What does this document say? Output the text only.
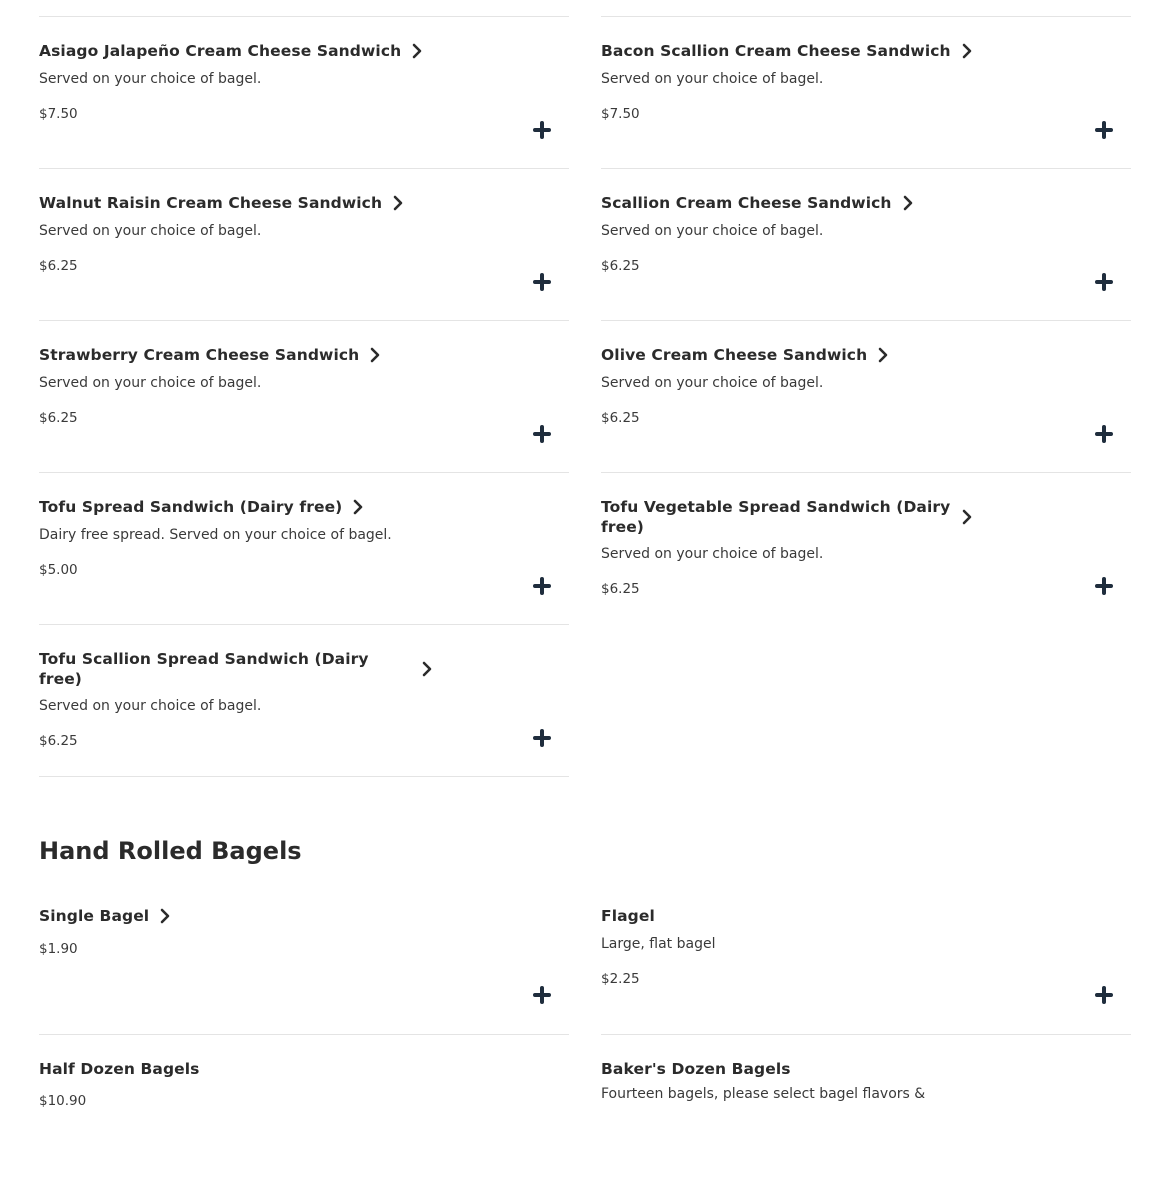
Asiago Jalapeño Cream Cheese Sandwich
Served on your choice of bagel.
$7.50
Bacon Scallion Cream Cheese Sandwich
Served on your choice of bagel.
$7.50
Walnut Raisin Cream Cheese Sandwich
Served on your choice of bagel.
$6.25
Scallion Cream Cheese Sandwich
Served on your choice of bagel.
$6.25
Strawberry Cream Cheese Sandwich
Served on your choice of bagel.
$6.25
Olive Cream Cheese Sandwich
Served on your choice of bagel.
$6.25
Tofu Spread Sandwich (Dairy free)
Dairy free spread. Served on your choice of bagel.
$5.00
Tofu Vegetable Spread Sandwich (Dairy free)
Served on your choice of bagel.
$6.25
Tofu Scallion Spread Sandwich (Dairy free)
Served on your choice of bagel.
$6.25
Hand Rolled Bagels
Single Bagel
$1.90
Flagel
Large, flat bagel
$2.25
Half Dozen Bagels
$10.90
Baker's Dozen Bagels
Fourteen bagels, please select bagel flavors &
